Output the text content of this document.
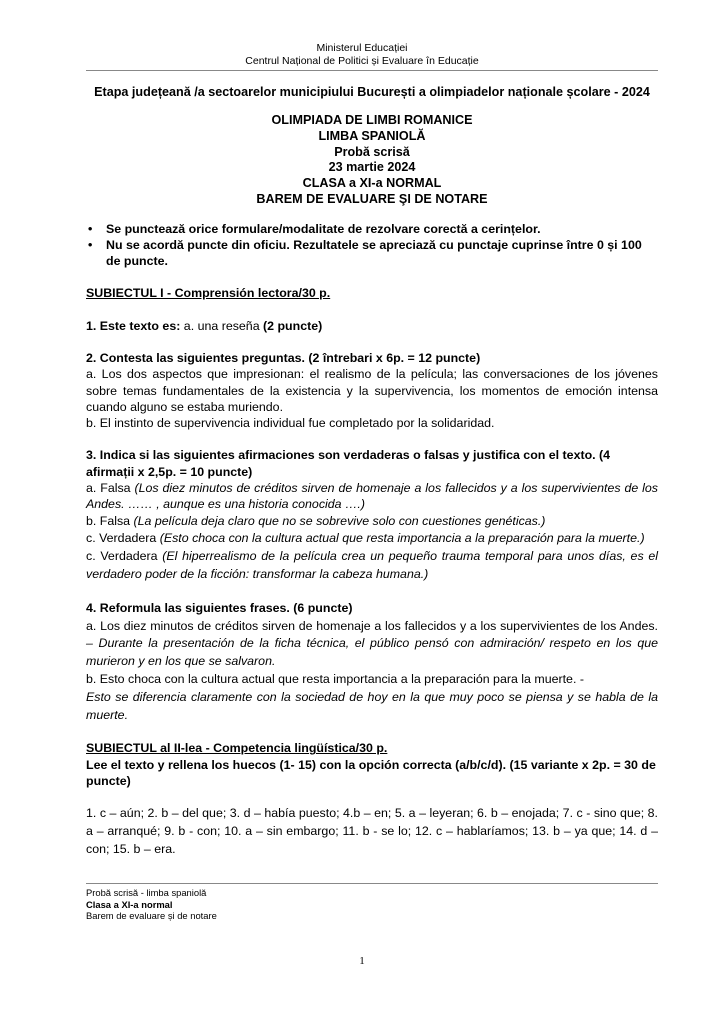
Ministerul Educației
Centrul Național de Politici și Evaluare în Educație
Etapa județeană /a sectoarelor municipiului București a olimpiadelor naționale școlare - 2024
OLIMPIADA DE LIMBI ROMANICE
LIMBA SPANIOLĂ
Probă scrisă
23 martie 2024
CLASA a XI-a NORMAL
BAREM DE EVALUARE ŞI DE NOTARE
• Se punctează orice formulare/modalitate de rezolvare corectă a cerințelor.
• Nu se acordă puncte din oficiu. Rezultatele se apreciază cu punctaje cuprinse între 0 și 100 de puncte.
SUBIECTUL I - Comprensión lectora/30 p.
1. Este texto es: a. una reseña (2 puncte)
2. Contesta las siguientes preguntas. (2 întrebari x 6p. = 12 puncte)
a. Los dos aspectos que impresionan: el realismo de la película; las conversaciones de los jóvenes sobre temas fundamentales de la existencia y la supervivencia, los momentos de emoción intensa cuando alguno se estaba muriendo.
b. El instinto de supervivencia individual fue completado por la solidaridad.
3. Indica si las siguientes afirmaciones son verdaderas o falsas y justifica con el texto. (4 afirmații x 2,5p. = 10 puncte)
a. Falsa (Los diez minutos de créditos sirven de homenaje a los fallecidos y a los supervivientes de los Andes. …… , aunque es una historia conocida ….)
b. Falsa (La película deja claro que no se sobrevive solo con cuestiones genéticas.)
c. Verdadera (Esto choca con la cultura actual que resta importancia a la preparación para la muerte.)
c. Verdadera (El hiperrealismo de la película crea un pequeño trauma temporal para unos días, es el verdadero poder de la ficción: transformar la cabeza humana.)
4. Reformula las siguientes frases. (6 puncte)
a. Los diez minutos de créditos sirven de homenaje a los fallecidos y a los supervivientes de los Andes. – Durante la presentación de la ficha técnica, el público pensó con admiración/ respeto en los que murieron y en los que se salvaron.
b. Esto choca con la cultura actual que resta importancia a la preparación para la muerte. -
Esto se diferencia claramente con la sociedad de hoy en la que muy poco se piensa y se habla de la muerte.
SUBIECTUL al II-lea - Competencia lingüística/30 p.
Lee el texto y rellena los huecos (1- 15) con la opción correcta (a/b/c/d). (15 variante x 2p. = 30 de puncte)
1. c – aún; 2. b – del que; 3. d – había puesto; 4.b – en; 5. a – leyeran; 6. b – enojada; 7. c - sino que; 8. a – arranqué; 9. b - con; 10. a – sin embargo; 11. b - se lo; 12. c – hablaríamos; 13. b – ya que; 14. d – con; 15. b – era.
Probă scrisă - limba spaniolă
Clasa a XI-a normal
Barem de evaluare și de notare
1
